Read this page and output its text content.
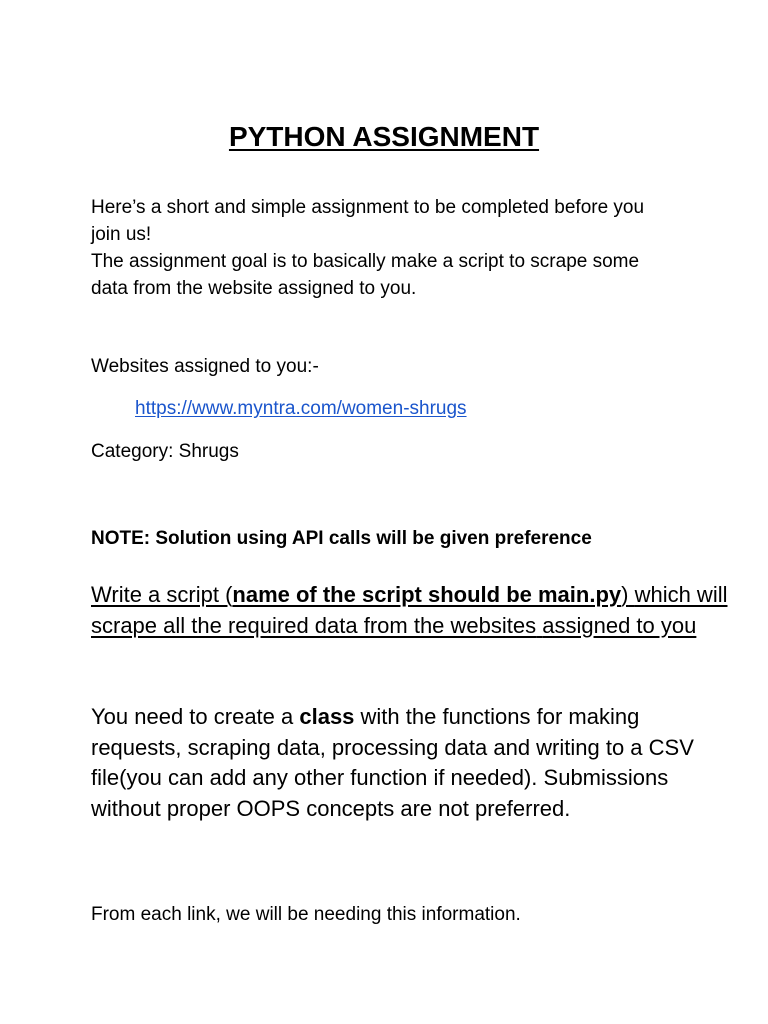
PYTHON ASSIGNMENT

Here’s a short and simple assignment to be completed before you
join us!
The assignment goal is to basically make a script to scrape some
data from the website assigned to you.

Websites assigned to you:-

https://www.myntra.com/women-shrugs

Category: Shrugs

NOTE: Solution using API calls will be given preference

Write a script (name of the script should be main.py) which will scrape all the required data from the websites assigned to you

You need to create a class with the functions for making requests, scraping data, processing data and writing to a CSV file(you can add any other function if needed). Submissions without proper OOPS concepts are not preferred.

From each link, we will be needing this information.
